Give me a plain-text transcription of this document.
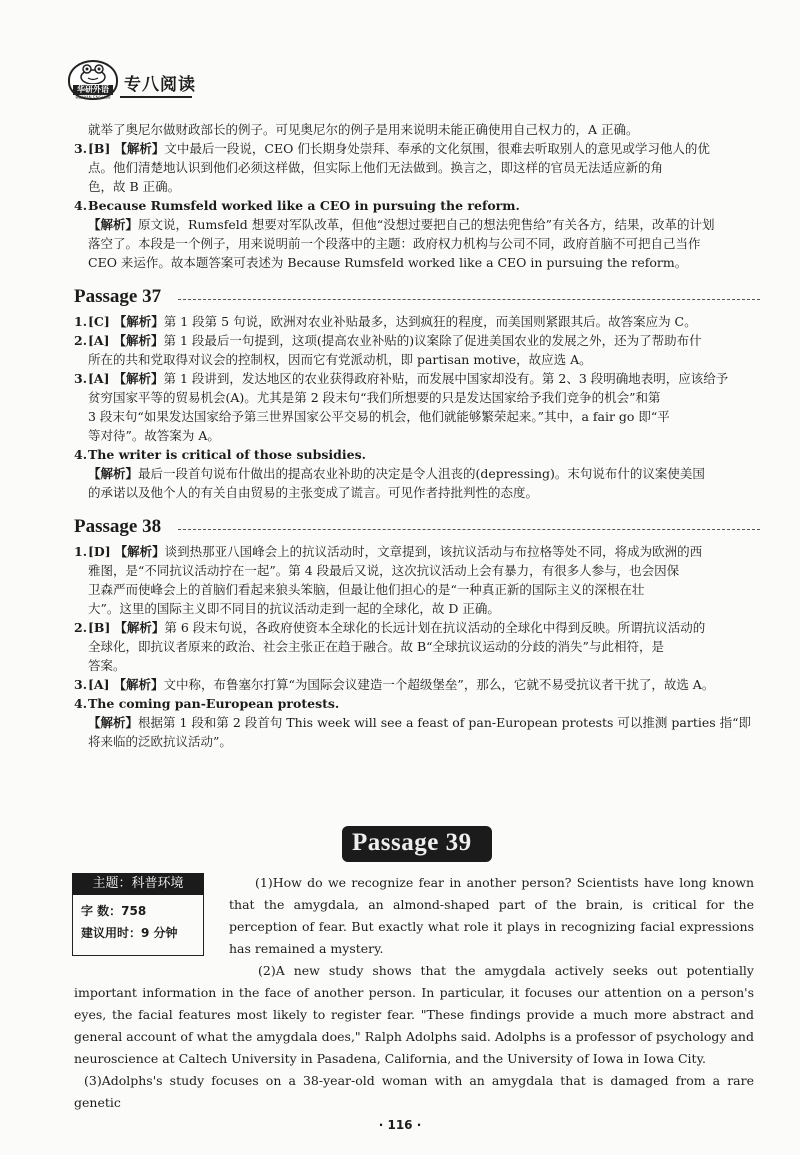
华研外语
HUAYAN ENGLISH
专八阅读

就举了奥尼尔做财政部长的例子。可见奥尼尔的例子是用来说明未能正确使用自己权力的，A 正确。

3. [B] 【解析】文中最后一段说，CEO 们长期身处崇拜、奉承的文化氛围，很难去听取别人的意见或学习他人的优

点。他们清楚地认识到他们必须这样做，但实际上他们无法做到。换言之，即这样的官员无法适应新的角

色，故 B 正确。

4. Because Rumsfeld worked like a CEO in pursuing the reform.

【解析】原文说，Rumsfeld 想要对军队改革，但他“没想过要把自己的想法兜售给”有关各方，结果，改革的计划

落空了。本段是一个例子，用来说明前一个段落中的主题：政府权力机构与公司不同，政府首脑不可把自己当作

CEO 来运作。故本题答案可表述为 Because Rumsfeld worked like a CEO in pursuing the reform。

Passage 37
1. [C] 【解析】第 1 段第 5 句说，欧洲对农业补贴最多，达到疯狂的程度，而美国则紧跟其后。故答案应为 C。
2. [A] 【解析】第 1 段最后一句提到，这项(提高农业补贴的)议案除了促进美国农业的发展之外，还为了帮助布什

所在的共和党取得对议会的控制权，因而它有党派动机，即 partisan motive，故应选 A。

3. [A] 【解析】第 1 段讲到，发达地区的农业获得政府补贴，而发展中国家却没有。第 2、3 段明确地表明，应该给予

贫穷国家平等的贸易机会(A)。尤其是第 2 段末句“我们所想要的只是发达国家给予我们竞争的机会”和第

3 段末句“如果发达国家给予第三世界国家公平交易的机会，他们就能够繁荣起来。”其中，a fair go 即“平

等对待”。故答案为 A。

4. The writer is critical of those subsidies.

【解析】最后一段首句说布什做出的提高农业补助的决定是令人沮丧的(depressing)。末句说布什的议案使美国

的承诺以及他个人的有关自由贸易的主张变成了谎言。可见作者持批判性的态度。

Passage 38
1. [D] 【解析】谈到热那亚八国峰会上的抗议活动时，文章提到，该抗议活动与布拉格等处不同，将成为欧洲的西

雅图，是“不同抗议活动拧在一起”。第 4 段最后又说，这次抗议活动上会有暴力，有很多人参与，也会因保

卫森严而使峰会上的首脑们看起来狼头笨脑，但最让他们担心的是“一种真正新的国际主义的深根在壮

大”。这里的国际主义即不同目的抗议活动走到一起的全球化，故 D 正确。

2. [B] 【解析】第 6 段末句说，各政府使资本全球化的长远计划在抗议活动的全球化中得到反映。所谓抗议活动的

全球化，即抗议者原来的政治、社会主张正在趋于融合。故 B“全球抗议运动的分歧的消失”与此相符，是

答案。

3. [A] 【解析】文中称，布鲁塞尔打算“为国际会议建造一个超级堡垒”，那么，它就不易受抗议者干扰了，故选 A。
4. The coming pan-European protests.

【解析】根据第 1 段和第 2 段首句 This week will see a feast of pan-European protests 可以推测 parties 指“即

将来临的泛欧抗议活动”。

Passage 39

(1)How do we recognize fear in another person? Scientists have long known that the amygdala, an almond-shaped part of the brain, is critical for the perception of fear. But exactly what role it plays in recognizing facial expressions has remained a mystery.

(2)A new study shows that the amygdala actively seeks out potentially important information in the face of another person. In particular, it focuses our attention on a person's eyes, the facial features most likely to register fear. "These findings provide a much more abstract and general account of what the amygdala does," Ralph Adolphs said. Adolphs is a professor of psychology and neuroscience at Caltech University in Pasadena, California, and the University of Iowa in Iowa City.

(3)Adolphs's study focuses on a 38-year-old woman with an amygdala that is damaged from a rare genetic

主题：科普环境
字 数：758
建议用时：9 分钟
· 116 ·
